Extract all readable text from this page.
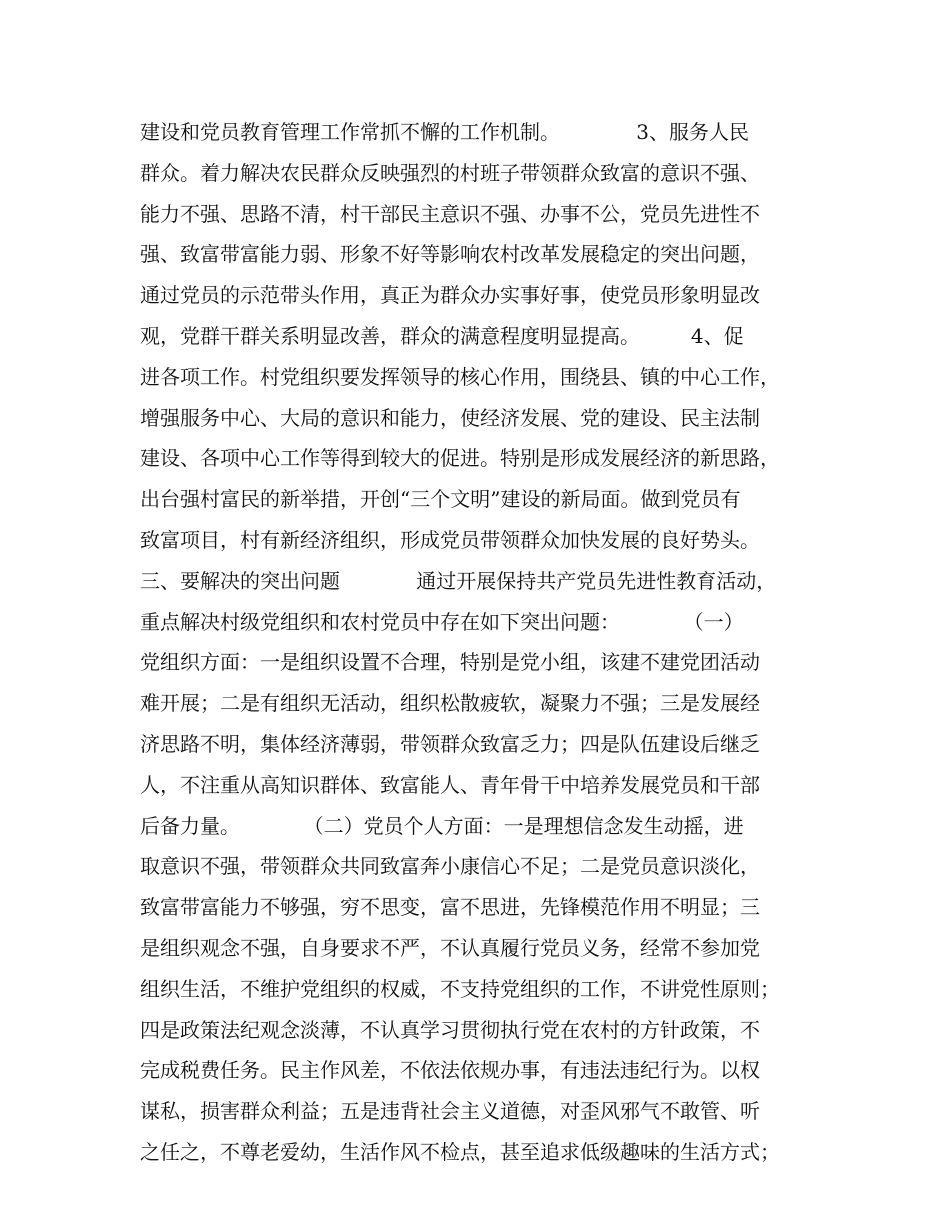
建设和党员教育管理工作常抓不懈的工作机制。            3、服务人民
群众。着力解决农民群众反映强烈的村班子带领群众致富的意识不强、
能力不强、思路不清，村干部民主意识不强、办事不公，党员先进性不
强、致富带富能力弱、形象不好等影响农村改革发展稳定的突出问题，
通过党员的示范带头作用，真正为群众办实事好事，使党员形象明显改
观，党群干群关系明显改善，群众的满意程度明显提高。        4、促
进各项工作。村党组织要发挥领导的核心作用，围绕县、镇的中心工作，
增强服务中心、大局的意识和能力，使经济发展、党的建设、民主法制
建设、各项中心工作等得到较大的促进。特别是形成发展经济的新思路，
出台强村富民的新举措，开创“三个文明”建设的新局面。做到党员有
致富项目，村有新经济组织，形成党员带领群众加快发展的良好势头。
三、要解决的突出问题            通过开展保持共产党员先进性教育活动，
重点解决村级党组织和农村党员中存在如下突出问题：          （一）
党组织方面：一是组织设置不合理，特别是党小组，该建不建党团活动
难开展；二是有组织无活动，组织松散疲软，凝聚力不强；三是发展经
济思路不明，集体经济薄弱，带领群众致富乏力；四是队伍建设后继乏
人，不注重从高知识群体、致富能人、青年骨干中培养发展党员和干部
后备力量。          （二）党员个人方面：一是理想信念发生动摇，进
取意识不强，带领群众共同致富奔小康信心不足；二是党员意识淡化，
致富带富能力不够强，穷不思变，富不思进，先锋模范作用不明显；三
是组织观念不强，自身要求不严，不认真履行党员义务，经常不参加党
组织生活，不维护党组织的权威，不支持党组织的工作，不讲党性原则；
四是政策法纪观念淡薄，不认真学习贯彻执行党在农村的方针政策，不
完成税费任务。民主作风差，不依法依规办事，有违法违纪行为。以权
谋私，损害群众利益；五是违背社会主义道德，对歪风邪气不敢管、听
之任之，不尊老爱幼，生活作风不检点，甚至追求低级趣味的生活方式；
